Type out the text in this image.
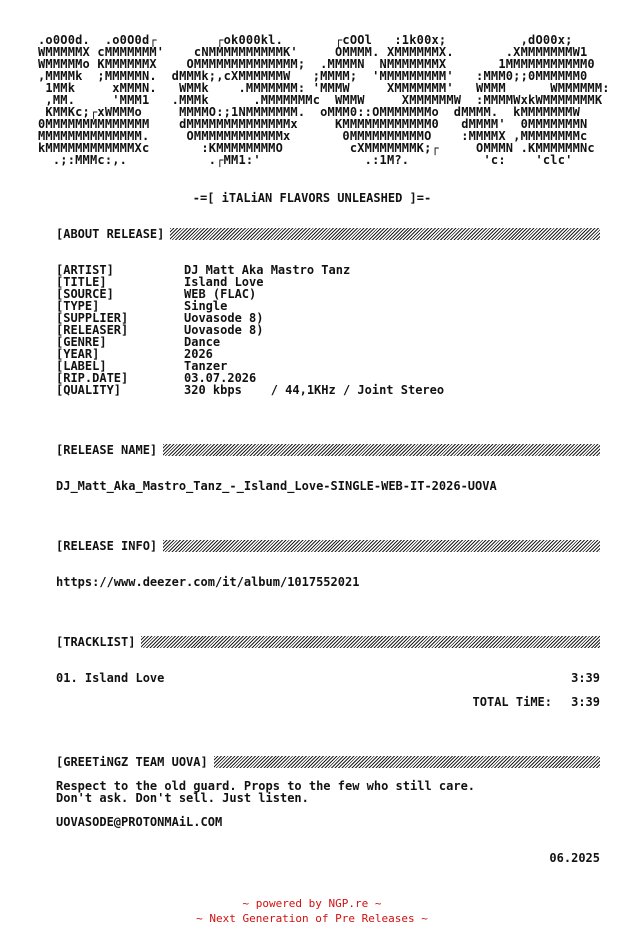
.o0O0d.  .o0O0d┌        ┌ok000kl.       ┌cOOl   :1k00x;          ,dO00x;
WMMMMMX cMMMMMMM'    cNMMMMMMMMMMK'     OMMMM. XMMMMMMX.       .XMMMMMMMW1
WMMMMMo KMMMMMMX    OMMMMMMMMMMMMMM;  .MMMMN  NMMMMMMMX       1MMMMMMMMMMM0
,MMMMk  ;MMMMMN.  dMMMk;,cXMMMMMMW   ;MMMM;  'MMMMMMMMM'   :MMM0;;0MMMMMM0
1MMk     xMMMN.   WMMk    .MMMMMMM: 'MMMW     XMMMMMMM'   WMMM      WMMMMMM:
,MM.     'MMM1   .MMMk      .MMMMMMMc  WMMW     XMMMMMMW  :MMMMWxkWMMMMMMMK
KMMKc;┌xWMMMo     MMMMO:;1NMMMMMMM.  oMMM0::OMMMMMMMo  dMMMM.  kMMMMMMMW
0MMMMMMMMMMMMMM    dMMMMMMMMMMMMMMx     KMMMMMMMMMMMM0   dMMMM'  0MMMMMMMN
MMMMMMMMMMMMMM.     OMMMMMMMMMMMMx       0MMMMMMMMMMO    :MMMMX ,MMMMMMMMc
kMMMMMMMMMMMMXc       :KMMMMMMMMO         cXMMMMMMMK;┌     OMMMN .KMMMMMMNc
.;:MMMc:,.           .┌MM1:'              .:1M?.          'c:    'clc'
-=[ iTALiAN FLAVORS UNLEASHED ]=-
[ABOUT RELEASE]
[ARTIST]	DJ Matt Aka Mastro Tanz
[TITLE]	Island Love
[SOURCE]	WEB (FLAC)
[TYPE]	Single
[SUPPLIER]	Uovasode 8)
[RELEASER]	Uovasode 8)
[GENRE]	Dance
[YEAR]	2026
[LABEL]	Tanzer
[RIP.DATE]	03.07.2026
[QUALITY]	320 kbps    / 44,1KHz / Joint Stereo
[RELEASE NAME]
DJ_Matt_Aka_Mastro_Tanz_-_Island_Love-SINGLE-WEB-IT-2026-UOVA
[RELEASE INFO]
https://www.deezer.com/it/album/1017552021
[TRACKLIST]
01. Island Love	3:39
TOTAL TiME:	3:39
[GREETiNGZ TEAM UOVA]
Respect to the old guard. Props to the few who still care.
Don't ask. Don't sell. Just listen.
UOVASODE@PROTONMAiL.COM
06.2025
~ powered by NGP.re ~
~ Next Generation of Pre Releases ~
